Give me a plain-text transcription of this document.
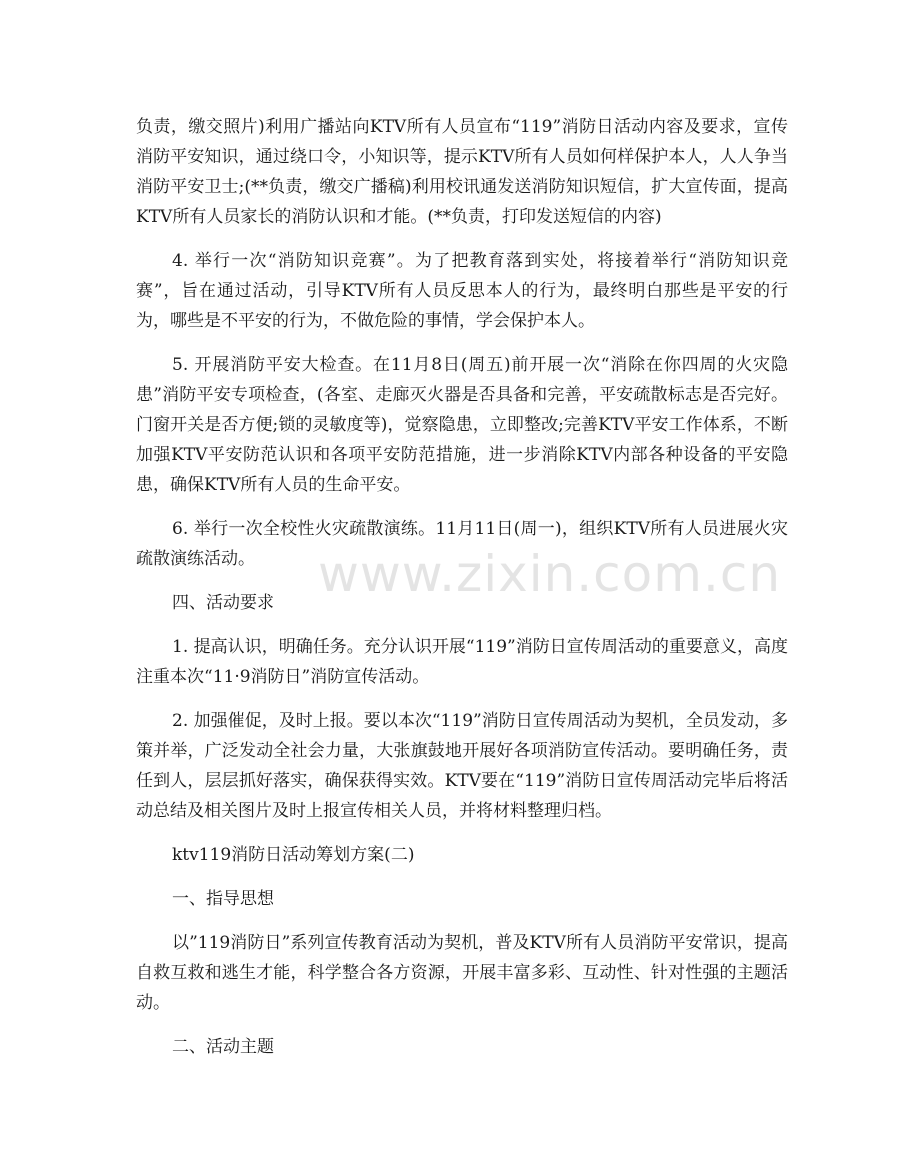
负责，缴交照片)利用广播站向KTV所有人员宣布“119”消防日活动内容及要求，宣传消防平安知识，通过绕口令，小知识等，提示KTV所有人员如何样保护本人，人人争当消防平安卫士;(**负责，缴交广播稿)利用校讯通发送消防知识短信，扩大宣传面，提高KTV所有人员家长的消防认识和才能。(**负责，打印发送短信的内容)

4. 举行一次“消防知识竞赛”。为了把教育落到实处，将接着举行“消防知识竞赛”，旨在通过活动，引导KTV所有人员反思本人的行为，最终明白那些是平安的行为，哪些是不平安的行为，不做危险的事情，学会保护本人。

5. 开展消防平安大检查。在11月8日(周五)前开展一次“消除在你四周的火灾隐患”消防平安专项检查，(各室、走廊灭火器是否具备和完善，平安疏散标志是否完好。门窗开关是否方便;锁的灵敏度等)，觉察隐患，立即整改;完善KTV平安工作体系，不断加强KTV平安防范认识和各项平安防范措施，进一步消除KTV内部各种设备的平安隐患，确保KTV所有人员的生命平安。

6. 举行一次全校性火灾疏散演练。11月11日(周一)，组织KTV所有人员进展火灾疏散演练活动。

四、活动要求

1. 提高认识，明确任务。充分认识开展“119”消防日宣传周活动的重要意义，高度注重本次“11·9消防日”消防宣传活动。

2. 加强催促，及时上报。要以本次“119”消防日宣传周活动为契机，全员发动，多策并举，广泛发动全社会力量，大张旗鼓地开展好各项消防宣传活动。要明确任务，责任到人，层层抓好落实，确保获得实效。KTV要在“119”消防日宣传周活动完毕后将活动总结及相关图片及时上报宣传相关人员，并将材料整理归档。

ktv119消防日活动筹划方案(二)

一、指导思想

以”119消防日”系列宣传教育活动为契机，普及KTV所有人员消防平安常识，提高自救互救和逃生才能，科学整合各方资源，开展丰富多彩、互动性、针对性强的主题活动。

二、活动主题

www.zixin.com.cn
